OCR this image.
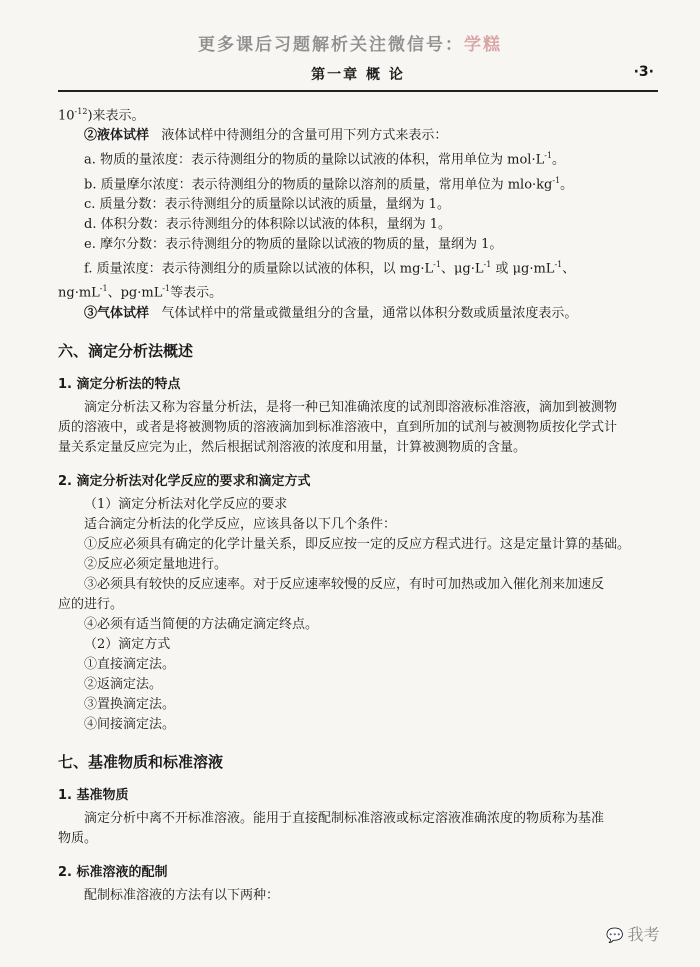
更多课后习题解析关注微信号：学糕
第一章 概 论	·3·

$10^{-12}$)来表示。

②液体试样 液体试样中待测组分的含量可用下列方式来表示：

a. 物质的量浓度：表示待测组分的物质的量除以试液的体积，常用单位为 $mol\cdot L^{-1}$。

b. 质量摩尔浓度：表示待测组分的物质的量除以溶剂的质量，常用单位为 $mlo\cdot kg^{-1}$。

c. 质量分数：表示待测组分的质量除以试液的质量，量纲为 1。

d. 体积分数：表示待测组分的体积除以试液的体积，量纲为 1。

e. 摩尔分数：表示待测组分的物质的量除以试液的物质的量，量纲为 1。

f. 质量浓度：表示待测组分的质量除以试液的体积，以 $mg\cdot L^{-1}$、$\mu g\cdot L^{-1}$ 或 $\mu g\cdot mL^{-1}$、

$ng\cdot mL^{-1}$、$pg\cdot mL^{-1}$等表示。

③气体试样 气体试样中的常量或微量组分的含量，通常以体积分数或质量浓度表示。

六、滴定分析法概述
1. 滴定分析法的特点

滴定分析法又称为容量分析法，是将一种已知准确浓度的试剂即溶液标准溶液，滴加到被测物

质的溶液中，或者是将被测物质的溶液滴加到标准溶液中，直到所加的试剂与被测物质按化学式计

量关系定量反应完为止，然后根据试剂溶液的浓度和用量，计算被测物质的含量。

2. 滴定分析法对化学反应的要求和滴定方式

（1）滴定分析法对化学反应的要求

适合滴定分析法的化学反应，应该具备以下几个条件：

①反应必须具有确定的化学计量关系，即反应按一定的反应方程式进行。这是定量计算的基础。

②反应必须定量地进行。

③必须具有较快的反应速率。对于反应速率较慢的反应，有时可加热或加入催化剂来加速反

应的进行。

④必须有适当简便的方法确定滴定终点。

（2）滴定方式

①直接滴定法。

②返滴定法。

③置换滴定法。

④间接滴定法。

七、基准物质和标准溶液
1. 基准物质

滴定分析中离不开标准溶液。能用于直接配制标准溶液或标定溶液准确浓度的物质称为基准

物质。

2. 标准溶液的配制

配制标准溶液的方法有以下两种：

💬 我考
